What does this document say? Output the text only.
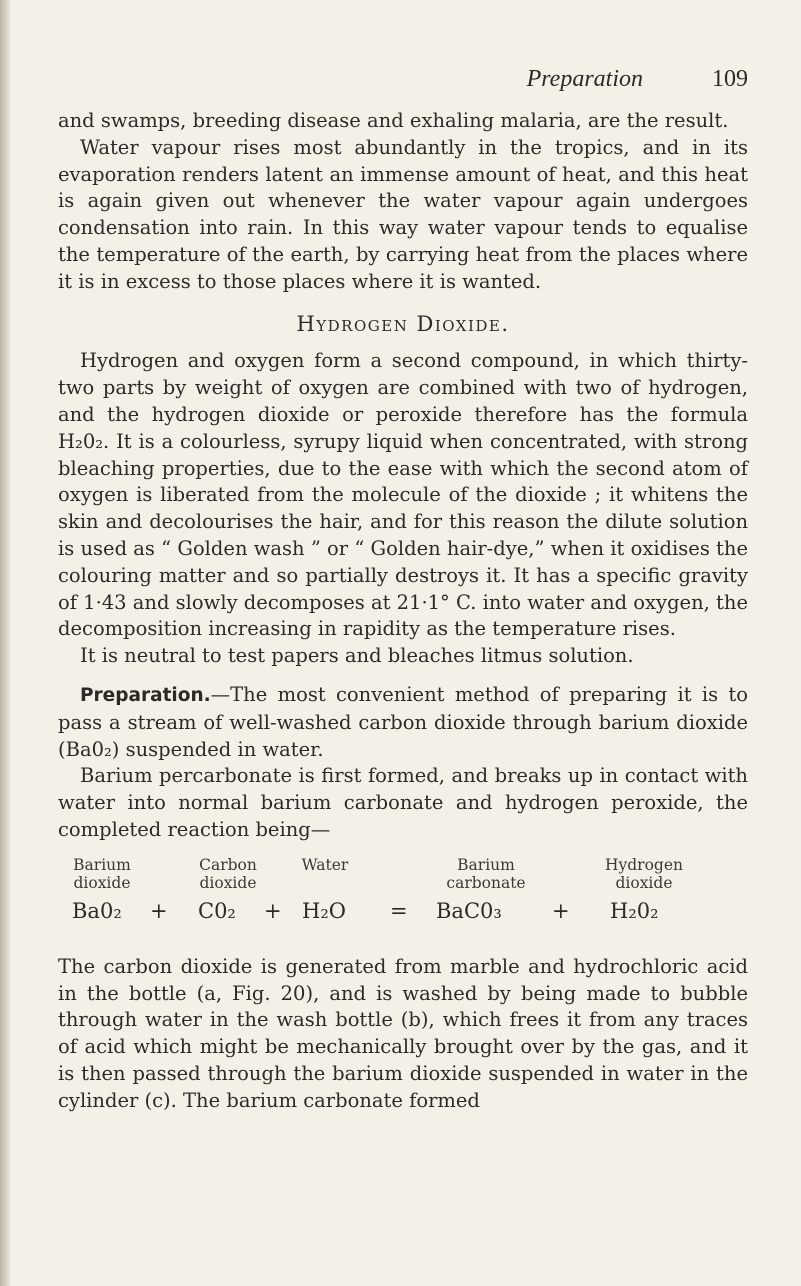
Preparation	109

and swamps, breeding disease and exhaling malaria, are the result.

Water vapour rises most abundantly in the tropics, and in its evaporation renders latent an immense amount of heat, and this heat is again given out whenever the water vapour again undergoes condensation into rain. In this way water vapour tends to equalise the temperature of the earth, by carrying heat from the places where it is in excess to those places where it is wanted.

Hydrogen Dioxide.

Hydrogen and oxygen form a second compound, in which thirty-two parts by weight of oxygen are combined with two of hydrogen, and the hydrogen dioxide or peroxide therefore has the formula H₂0₂. It is a colourless, syrupy liquid when concentrated, with strong bleaching properties, due to the ease with which the second atom of oxygen is liberated from the molecule of the dioxide ; it whitens the skin and decolourises the hair, and for this reason the dilute solution is used as “ Golden wash ” or “ Golden hair-dye,” when it oxidises the colouring matter and so partially destroys it. It has a specific gravity of 1·43 and slowly decomposes at 21·1° C. into water and oxygen, the decomposition increasing in rapidity as the temperature rises.

It is neutral to test papers and bleaches litmus solution.

Preparation.—The most convenient method of preparing it is to pass a stream of well-washed carbon dioxide through barium dioxide (Ba0₂) suspended in water.

Barium percarbonate is first formed, and breaks up in contact with water into normal barium carbonate and hydrogen peroxide, the completed reaction being—

Barium
dioxide
Carbon
dioxide
Water	Barium
carbonate
Hydrogen
dioxide
Ba0₂ + C0₂ + H₂O = BaC0₃ + H₂0₂

The carbon dioxide is generated from marble and hydrochloric acid in the bottle (a, Fig. 20), and is washed by being made to bubble through water in the wash bottle (b), which frees it from any traces of acid which might be mechanically brought over by the gas, and it is then passed through the barium dioxide suspended in water in the cylinder (c). The barium carbonate formed
